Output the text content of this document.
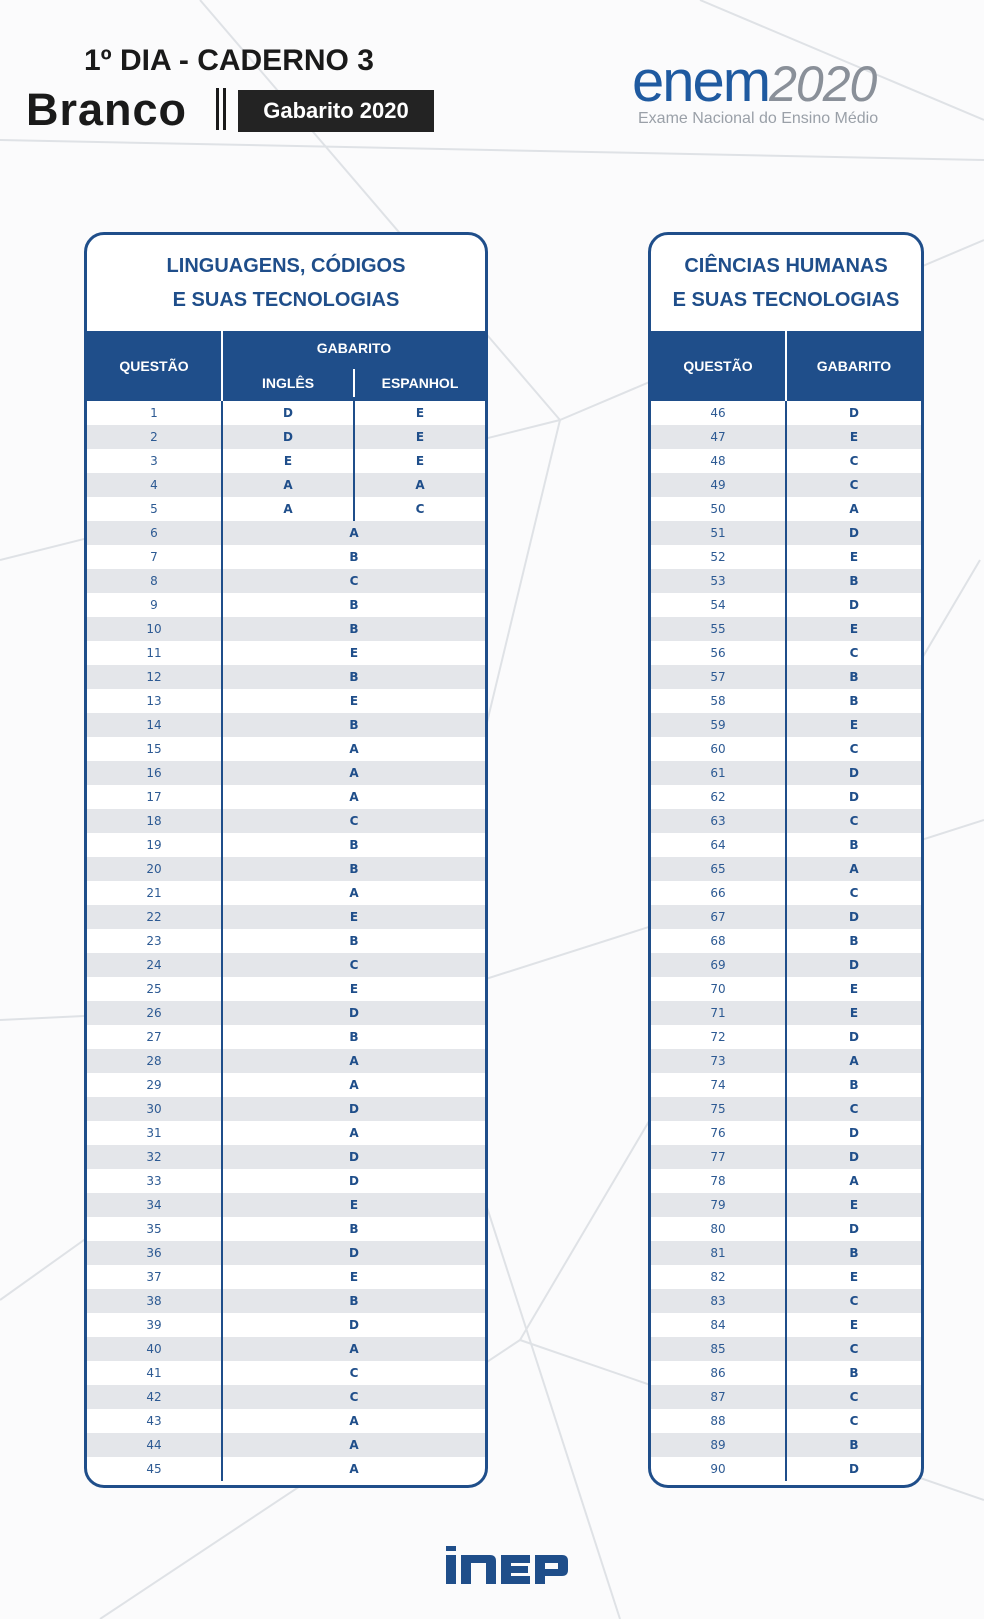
1º DIA - CADERNO 3
Branco	Gabarito 2020	enem2020
Exame Nacional do Ensino Médio
LINGUAGENS, CÓDIGOS
E SUAS TECNOLOGIAS
QUESTÃO
GABARITO
INGLÊS	ESPANHOL
1	D	E
2	D	E
3	E	E
4	A	A
5	A	C
6	A
7	B
8	C
9	B
10	B
11	E
12	B
13	E
14	B
15	A
16	A
17	A
18	C
19	B
20	B
21	A
22	E
23	B
24	C
25	E
26	D
27	B
28	A
29	A
30	D
31	A
32	D
33	D
34	E
35	B
36	D
37	E
38	B
39	D
40	A
41	C
42	C
43	A
44	A
45	A
CIÊNCIAS HUMANAS
E SUAS TECNOLOGIAS
QUESTÃO	GABARITO
46	D
47	E
48	C
49	C
50	A
51	D
52	E
53	B
54	D
55	E
56	C
57	B
58	B
59	E
60	C
61	D
62	D
63	C
64	B
65	A
66	C
67	D
68	B
69	D
70	E
71	E
72	D
73	A
74	B
75	C
76	D
77	D
78	A
79	E
80	D
81	B
82	E
83	C
84	E
85	C
86	B
87	C
88	C
89	B
90	D
